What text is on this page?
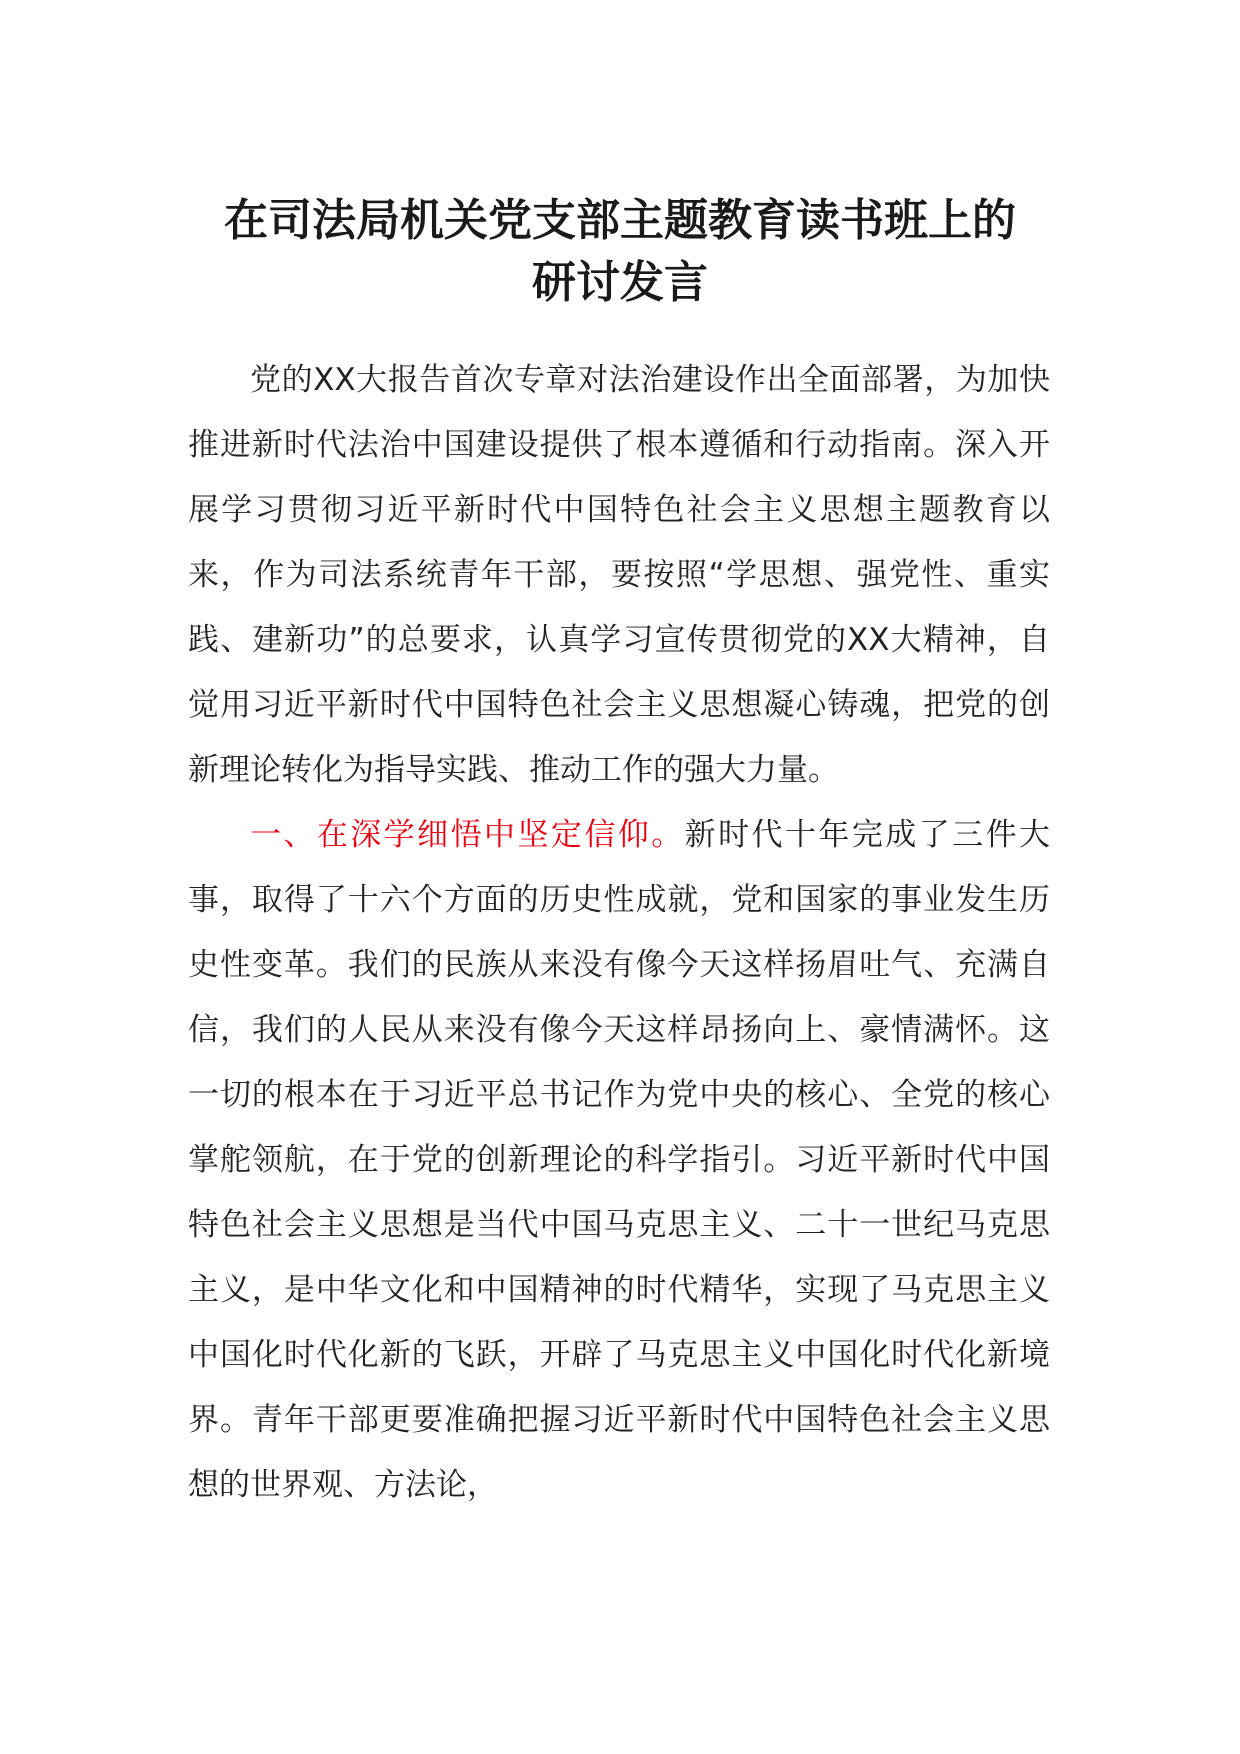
在司法局机关党支部主题教育读书班上的
研讨发言

党的XX大报告首次专章对法治建设作出全面部署，为加快推进新时代法治中国建设提供了根本遵循和行动指南。深入开展学习贯彻习近平新时代中国特色社会主义思想主题教育以来，作为司法系统青年干部，要按照“学思想、强党性、重实践、建新功”的总要求，认真学习宣传贯彻党的XX大精神，自觉用习近平新时代中国特色社会主义思想凝心铸魂，把党的创新理论转化为指导实践、推动工作的强大力量。

一、在深学细悟中坚定信仰。新时代十年完成了三件大事，取得了十六个方面的历史性成就，党和国家的事业发生历史性变革。我们的民族从来没有像今天这样扬眉吐气、充满自信，我们的人民从来没有像今天这样昂扬向上、豪情满怀。这一切的根本在于习近平总书记作为党中央的核心、全党的核心掌舵领航，在于党的创新理论的科学指引。习近平新时代中国特色社会主义思想是当代中国马克思主义、二十一世纪马克思主义，是中华文化和中国精神的时代精华，实现了马克思主义中国化时代化新的飞跃，开辟了马克思主义中国化时代化新境界。青年干部更要准确把握习近平新时代中国特色社会主义思想的世界观、方法论，
